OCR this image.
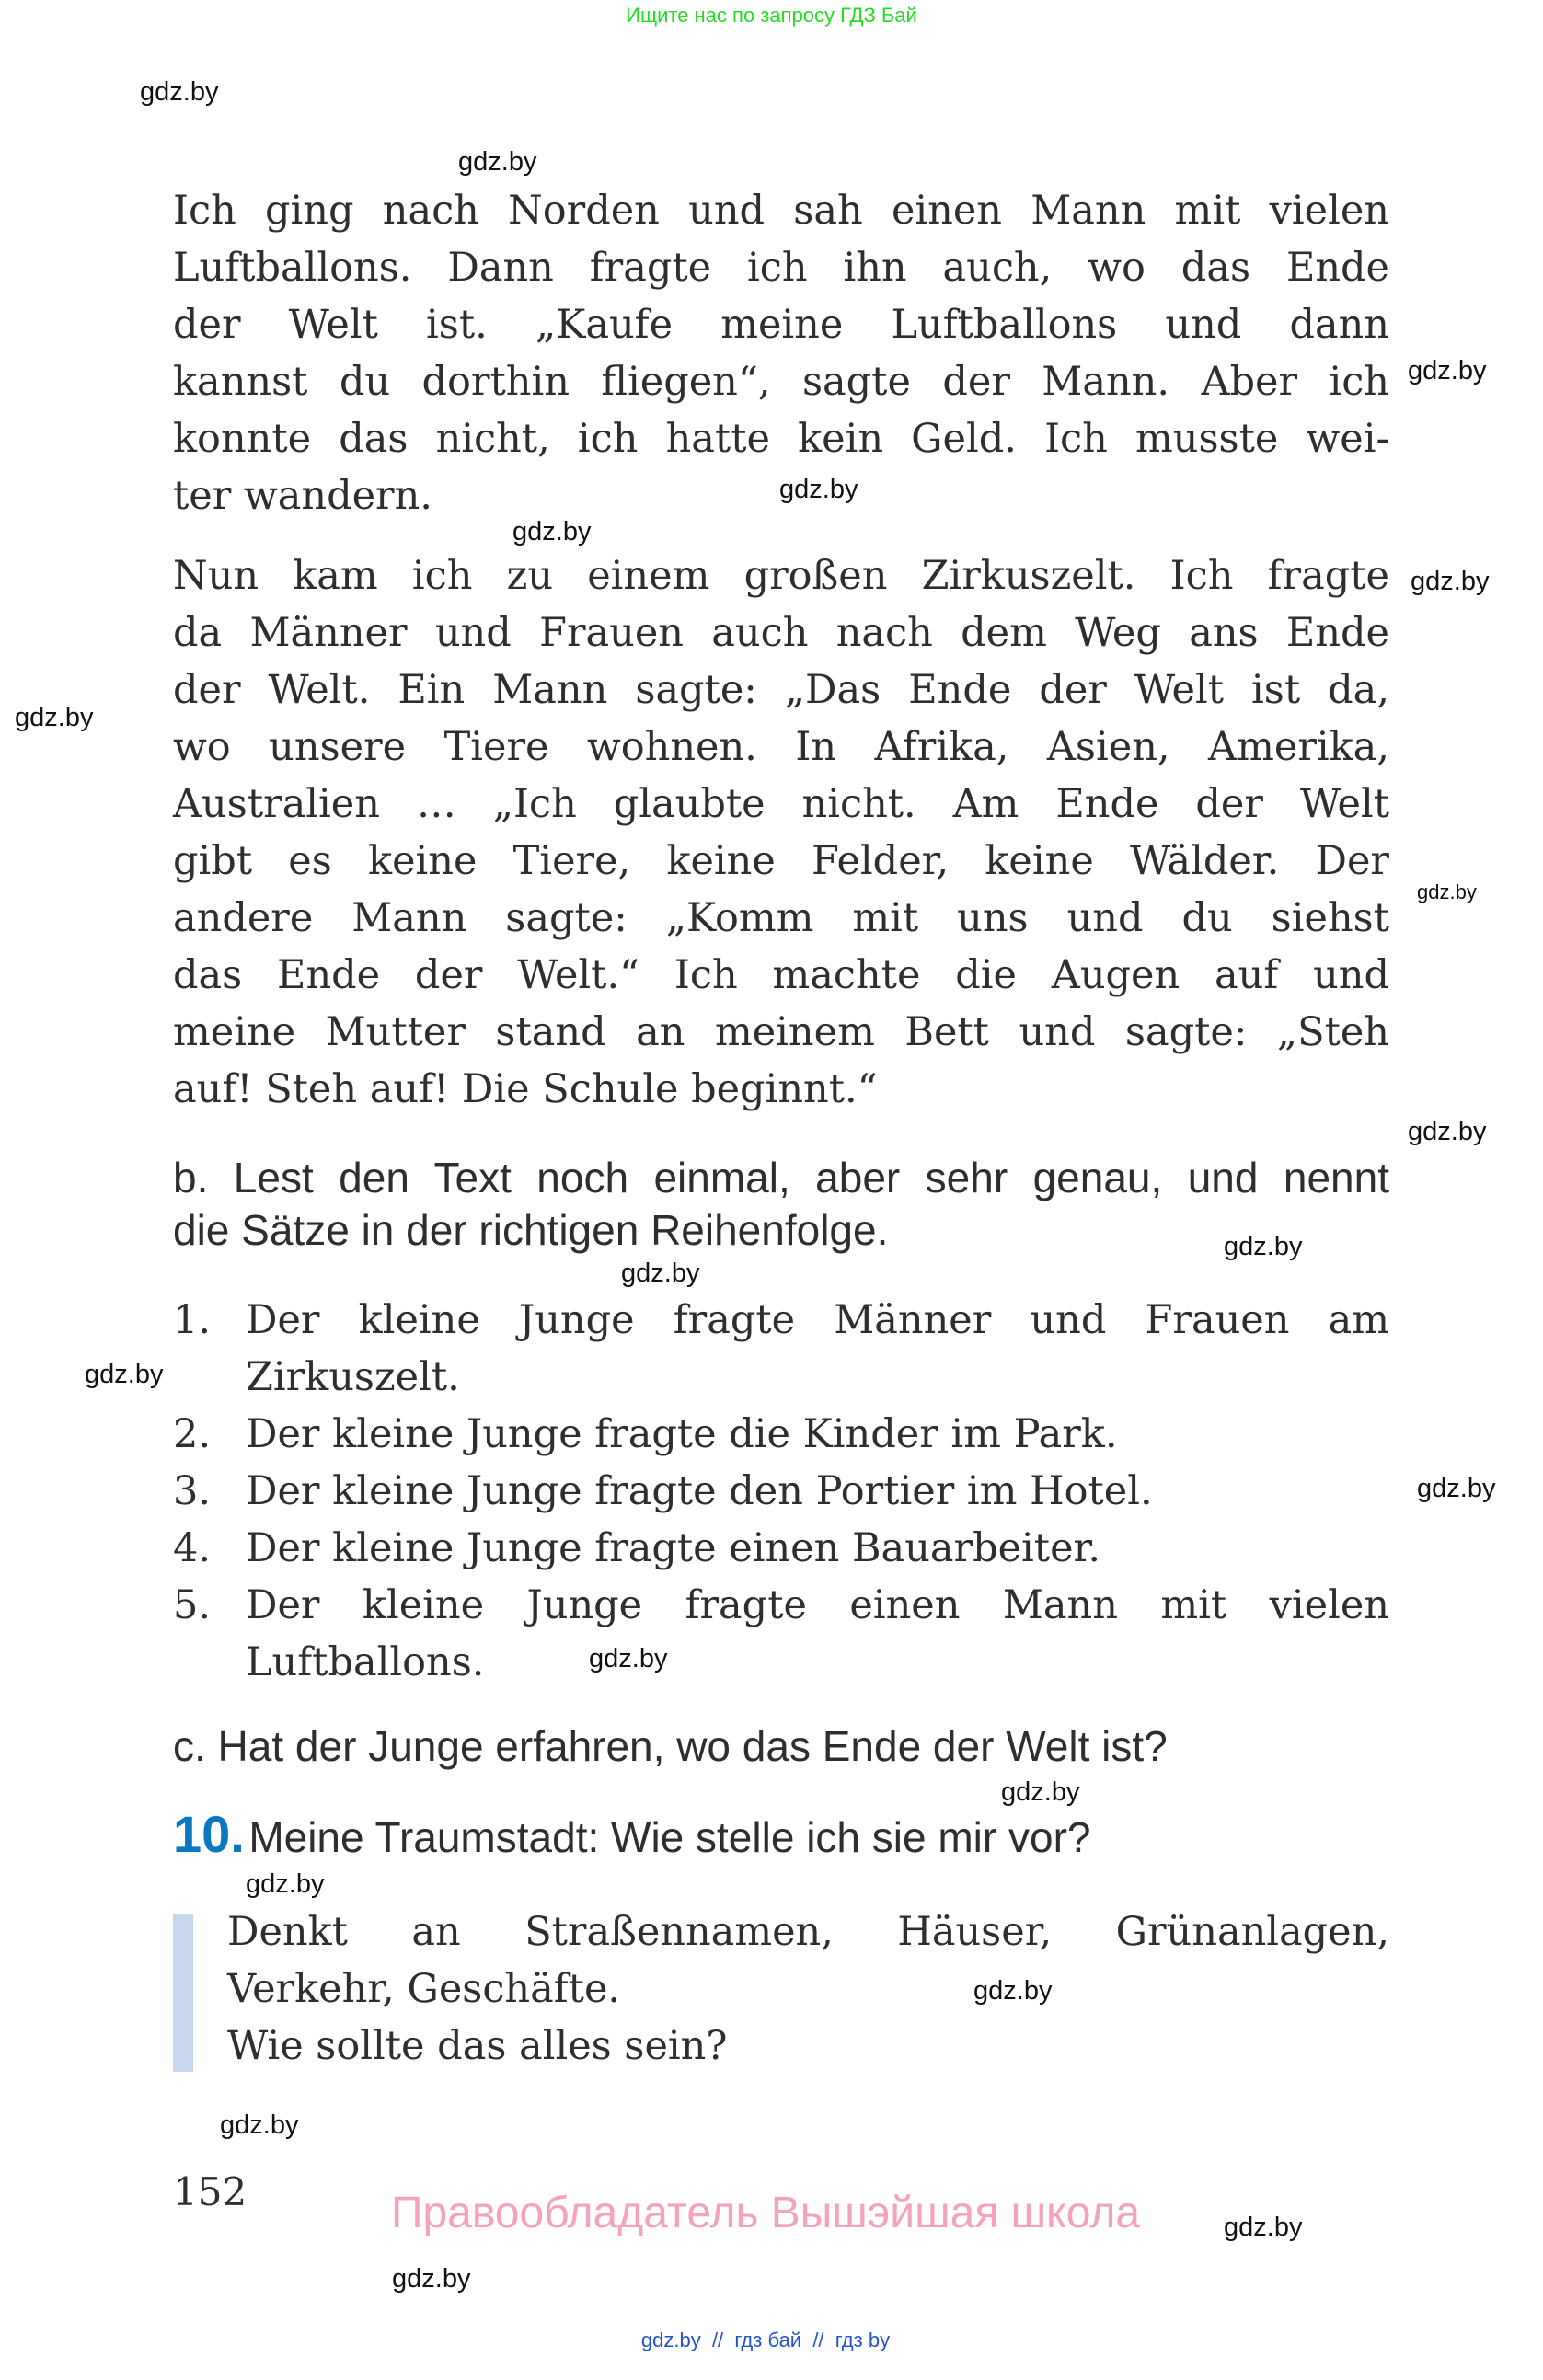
Ищите нас по запросу ГДЗ Бай
Ich ging nach Norden und sah einen Mann mit vielen
Luftballons. Dann fragte ich ihn auch, wo das Ende
der Welt ist. „Kaufe meine Luftballons und dann
kannst du dorthin fliegen“, sagte der Mann. Aber ich
konnte das nicht, ich hatte kein Geld. Ich musste wei-
ter wandern.
Nun kam ich zu einem großen Zirkuszelt. Ich fragte
da Männer und Frauen auch nach dem Weg ans Ende
der Welt. Ein Mann sagte: „Das Ende der Welt ist da,
wo unsere Tiere wohnen. In Afrika, Asien, Amerika,
Australien … „Ich glaubte nicht. Am Ende der Welt
gibt es keine Tiere, keine Felder, keine Wälder. Der
andere Mann sagte: „Komm mit uns und du siehst
das Ende der Welt.“ Ich machte die Augen auf und
meine Mutter stand an meinem Bett und sagte: „Steh
auf! Steh auf! Die Schule beginnt.“
b. Lest den Text noch einmal, aber sehr genau, und nennt
die Sätze in der richtigen Reihenfolge.
1. Der kleine Junge fragte Männer und Frauen am
Zirkuszelt.
2. Der kleine Junge fragte die Kinder im Park.
3. Der kleine Junge fragte den Portier im Hotel.
4. Der kleine Junge fragte einen Bauarbeiter.
5. Der kleine Junge fragte einen Mann mit vielen
Luftballons.
c. Hat der Junge erfahren, wo das Ende der Welt ist?
10. Meine Traumstadt: Wie stelle ich sie mir vor?
Denkt an Straßennamen, Häuser, Grünanlagen,
Verkehr, Geschäfte.
Wie sollte das alles sein?
152	Правообладатель Вышэйшая школа
gdz.by  //  гдз бай  //  гдз by
gdz.by
gdz.by
gdz.by
gdz.by
gdz.by
gdz.by
gdz.by
gdz.by
gdz.by
gdz.by
gdz.by
gdz.by
gdz.by
gdz.by
gdz.by
gdz.by
gdz.by
gdz.by
gdz.by
gdz.by
